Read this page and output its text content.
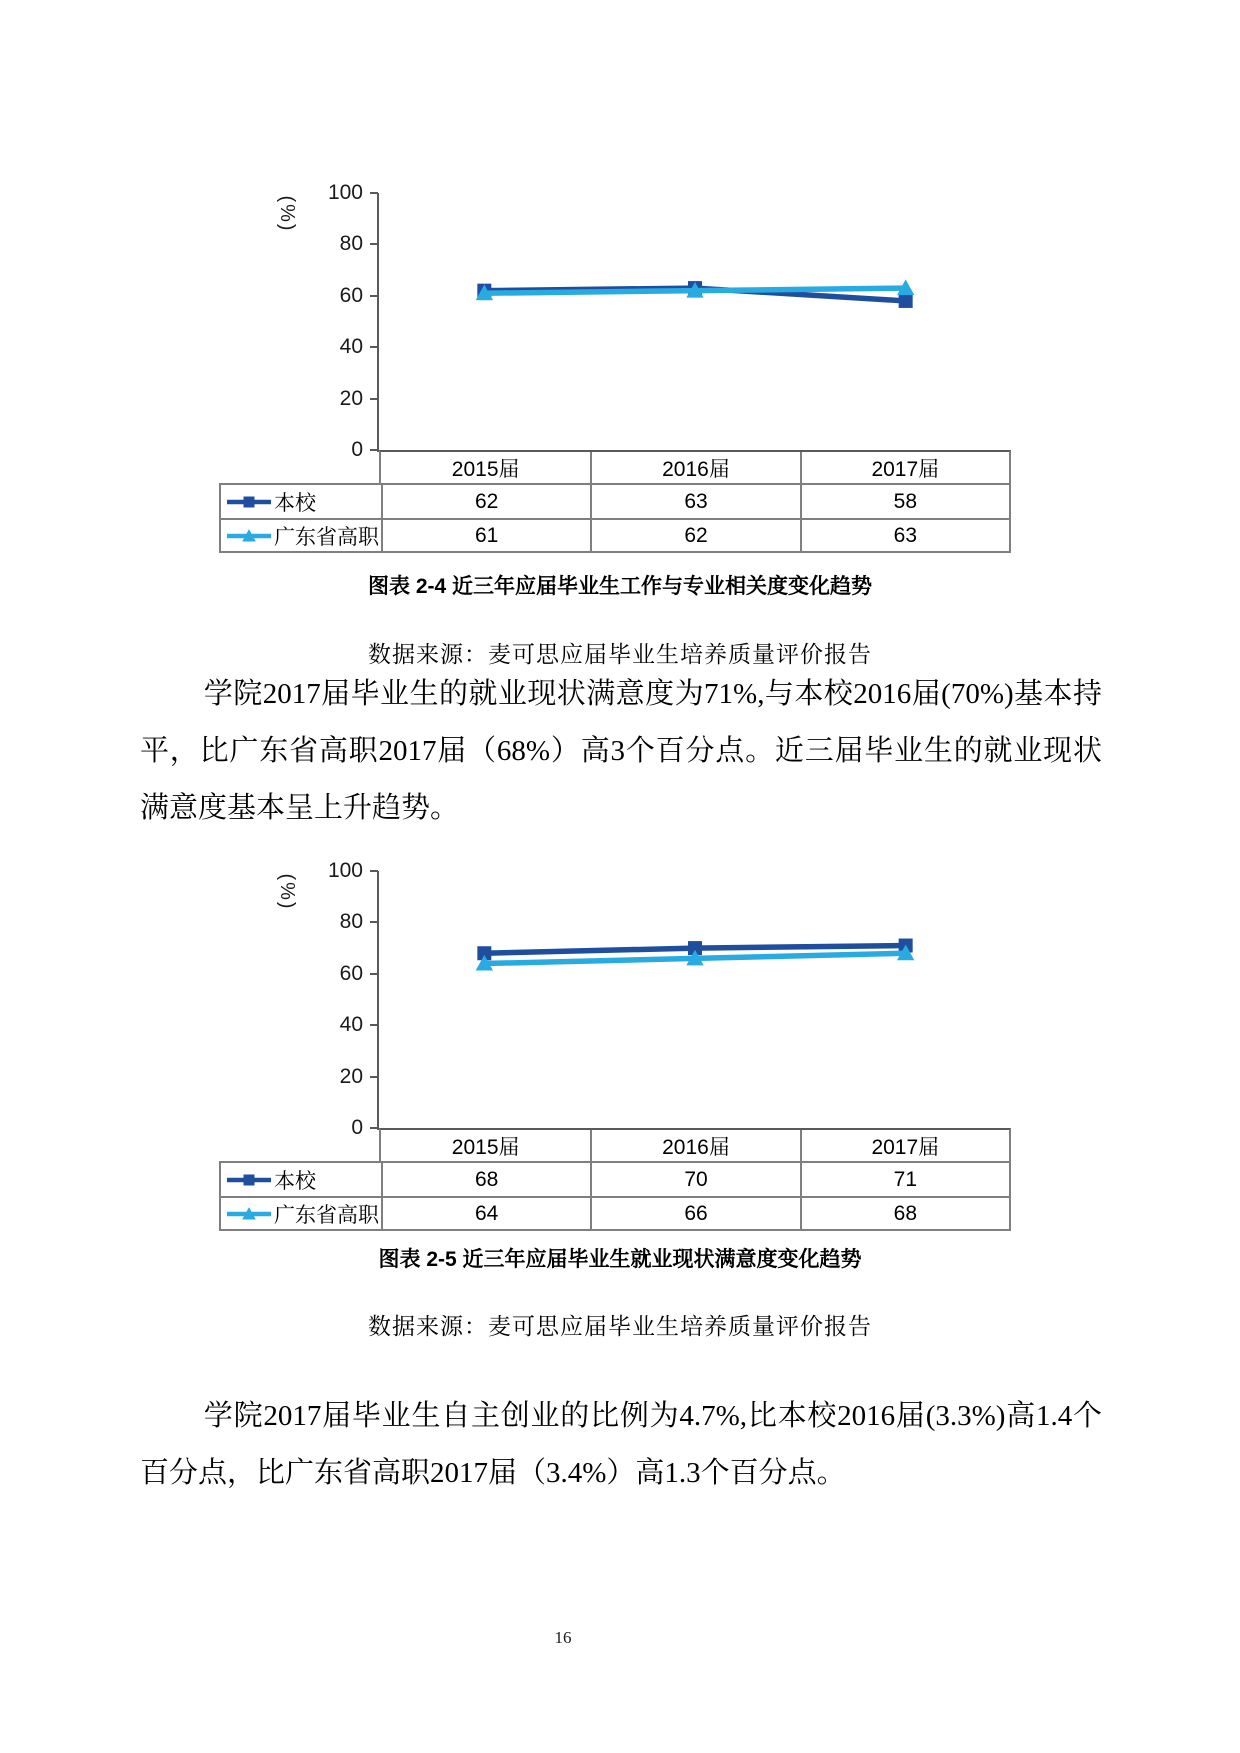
(%)
100
80
60
40
20
0
2015届	2016届	2017届
本校	62	63	58
广东省高职	61	62	63
图表 2-4 近三年应届毕业生工作与专业相关度变化趋势
数据来源：麦可思应届毕业生培养质量评价报告

学院2017届毕业生的就业现状满意度为71%,与本校2016届(70%)基本持平，比广东省高职2017届（68%）高3个百分点。近三届毕业生的就业现状满意度基本呈上升趋势。

(%)
100
80
60
40
20
0
2015届	2016届	2017届
本校	68	70	71
广东省高职	64	66	68
图表 2-5 近三年应届毕业生就业现状满意度变化趋势
数据来源：麦可思应届毕业生培养质量评价报告

学院2017届毕业生自主创业的比例为4.7%,比本校2016届(3.3%)高1.4个百分点，比广东省高职2017届（3.4%）高1.3个百分点。

16
